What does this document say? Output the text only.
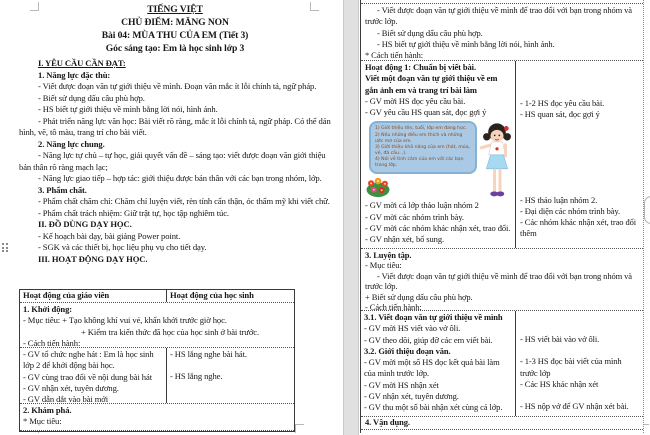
TIẾNG VIỆT
CHỦ ĐIỂM: MĂNG NON
Bài 04: MÙA THU CỦA EM (Tiết 3)
Góc sáng tạo: Em là học sinh lớp 3
I. YÊU CẦU CẦN ĐẠT:
1. Năng lực đặc thù:
- Viết được đoạn văn tự giới thiệu về mình. Đoạn văn mắc ít lỗi chính tả, ngữ pháp.
- Biết sử dụng dấu câu phù hợp.
- HS biết tự giới thiệu về mình bằng lời nói, hình ảnh.
- Phát triển năng lực văn học: Bài viết rõ ràng, mắc ít lỗi chính tả, ngữ pháp. Có thể dán hình, vẽ, tô màu, trang trí cho bài viết.
2. Năng lực chung.
- Năng lực tự chủ – tự học, giải quyết vấn đề – sáng tạo: viết được đoạn văn giới thiệu bản thân rõ ràng mạch lạc;
- Năng lực giao tiếp – hợp tác: giới thiệu được bản thân với các bạn trong nhóm, lớp.
3. Phẩm chất.
- Phẩm chất chăm chỉ: Chăm chỉ luyện viết, rèn tính cẩn thận, óc thẩm mỹ khi viết chữ.
- Phẩm chất trách nhiệm: Giữ trật tự, học tập nghiêm túc.
II. ĐỒ DÙNG DẠY HỌC.
- Kế hoạch bài dạy, bài giảng Power point.
- SGK và các thiết bị, học liệu phụ vụ cho tiết dạy.
III. HOẠT ĐỘNG DẠY HỌC.
Hoạt động của giáo viên	Hoạt động của học sinh
1. Khởi động:
- Mục tiêu: + Tạo không khí vui vẻ, khấn khởi trước giờ học.
+ Kiểm tra kiến thức đã học của học sinh ở bài trước.
- Cách tiến hành:
- GV tổ chức nghe hát : Em là học sinh lớp 2 để khởi động bài học.
- GV cùng trao đổi về nội dung bài hát
- GV nhận xét, tuyên dương.
- GV dẫn dắt vào bài mới
- HS lắng nghe bài hát.
- HS lắng nghe.
2. Khám phá.
* Mục tiêu:
- Viết được đoạn văn tự giới thiệu về mình để trao đổi với bạn trong nhóm và trước lớp.
- Biết sử dụng dấu câu phù hợp.
- HS biết tự giới thiệu về mình bằng lời nói, hình ảnh.
* Cách tiến hành:
Hoạt động 1: Chuẩn bị viết bài.
Viết một đoạn văn tự giới thiệu về em gắn ảnh em và trang trí bài làm
- GV mời HS đọc yêu cầu bài.
- GV yêu cầu HS quan sát, đọc gợi ý
1) Giới thiệu tên, tuổi, lớp em đang học.
2) Nêu những điều em thích và những ước mơ của em.
3) Giới thiệu khả năng của em (hát, múa, vẽ, đá cầu...).
4) Nói về tình cảm của em với các bạn trong lớp.
- GV mời cả lớp thảo luận nhóm 2
- GV mời các nhóm trình bày.
- GV mời các nhóm khác nhận xét, trao đổi.
- GV nhận xét, bổ sung.
- 1-2 HS đọc yêu cầu bài.
- HS quan sát, đọc gợi ý
- HS thảo luận nhóm 2.
- Đại diện các nhóm trình bày.
- Các nhóm khác nhận xét, trao đổi thêm
3. Luyện tập.
- Mục tiêu:
- Viết được đoạn văn tự giới thiệu về mình để trao đổi với bạn trong nhóm và trước lớp.
+ Biết sử dụng dấu câu phù hợp.
- Cách tiến hành:
3.1. Viết đoạn văn tự giới thiệu về mình
- GV mời HS viết vào vở ôli.
- GV theo dõi, giúp đỡ các em viết bài.
3.2. Giới thiệu đoạn văn.
- GV mời một số HS đọc kết quả bài làm của mình trước lớp.
- GV mời HS nhận xét
- GV nhận xét, tuyên dương.
- GV thu một số bài nhận xét cùng cả lớp.
- HS viết bài vào vở ôli.
- 1-3 HS đọc bài viết của mình trước lớp
- Các HS khác nhận xét
- HS nộp vở để GV nhận xét bài.
4. Vận dụng.
